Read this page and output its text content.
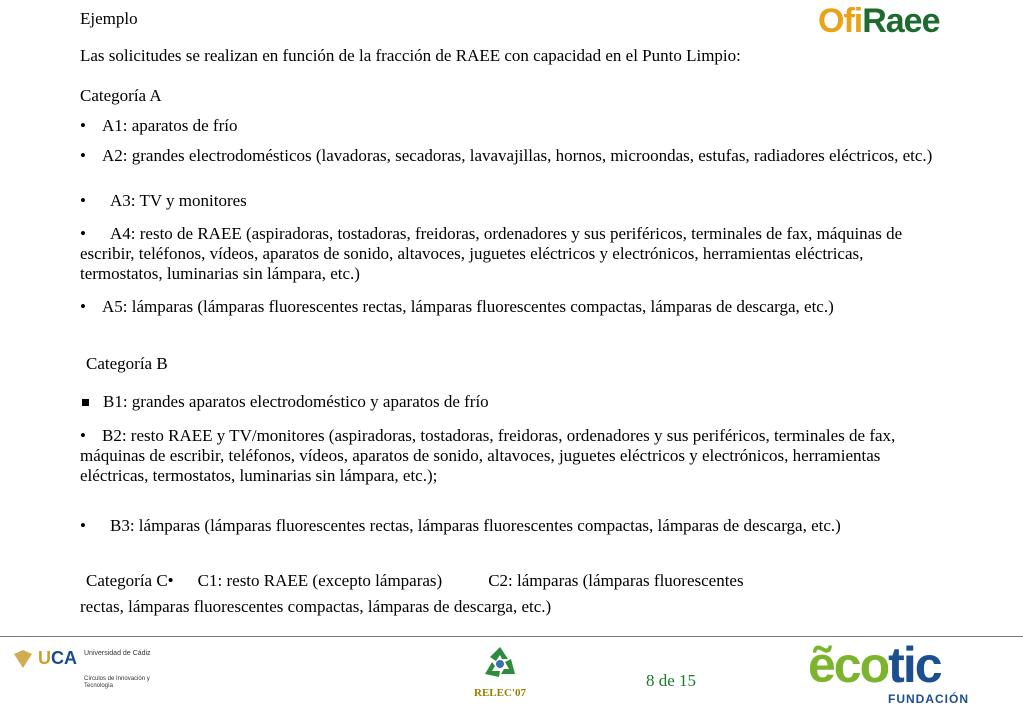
OfiRaee
Ejemplo
Las solicitudes se realizan en función de la fracción de RAEE con capacidad en el Punto Limpio:
Categoría A
• A1: aparatos de frío
• A2: grandes electrodomésticos (lavadoras, secadoras, lavavajillas, hornos, microondas, estufas, radiadores eléctricos, etc.)
• A3: TV y monitores
• A4: resto de RAEE (aspiradoras, tostadoras, freidoras, ordenadores y sus periféricos, terminales de fax, máquinas de escribir, teléfonos, vídeos, aparatos de sonido, altavoces, juguetes eléctricos y electrónicos, herramientas eléctricas, termostatos, luminarias sin lámpara, etc.)
• A5: lámparas (lámparas fluorescentes rectas, lámparas fluorescentes compactas, lámparas de descarga, etc.)
Categoría B
B1: grandes aparatos electrodoméstico y aparatos de frío
• B2: resto RAEE y TV/monitores (aspiradoras, tostadoras, freidoras, ordenadores y sus periféricos, terminales de fax, máquinas de escribir, teléfonos, vídeos, aparatos de sonido, altavoces, juguetes eléctricos y electrónicos, herramientas eléctricas, termostatos, luminarias sin lámpara, etc.);
• B3: lámparas (lámparas fluorescentes rectas, lámparas fluorescentes compactas, lámparas de descarga, etc.)
Categoría C• C1: resto RAEE (excepto lámparas)	C2: lámparas (lámparas fluorescentes
rectas, lámparas fluorescentes compactas, lámparas de descarga, etc.)
UCA Universidad de Cádiz
Círculos de Innovación y Tecnología
RELEC'07
8 de 15 ẽcotic
FUNDACIÓN
